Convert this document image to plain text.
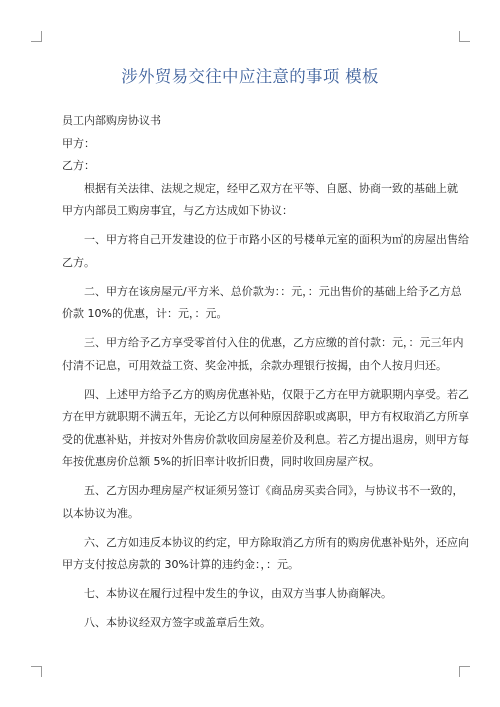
涉外贸易交往中应注意的事项 模板

员工内部购房协议书

甲方：

乙方：

根据有关法律、法规之规定，经甲乙双方在平等、自愿、协商一致的基础上就

甲方内部员工购房事宜，与乙方达成如下协议：

一、甲方将自己开发建设的位于市路小区的号楼单元室的面积为㎡的房屋出售给

乙方。

二、甲方在该房屋元/平方米、总价款为：：元，：元出售价的基础上给予乙方总

价款 10%的优惠，计：元，：元。

三、甲方给予乙方享受零首付入住的优惠，乙方应缴的首付款：元，：元三年内

付清不记息，可用效益工资、奖金冲抵，余款办理银行按揭，由个人按月归还。

四、上述甲方给予乙方的购房优惠补贴，仅限于乙方在甲方就职期内享受。若乙

方在甲方就职期不满五年，无论乙方以何种原因辞职或离职，甲方有权取消乙方所享

受的优惠补贴，并按对外售房价款收回房屋差价及利息。若乙方提出退房，则甲方每

年按优惠房价总额 5%的折旧率计收折旧费，同时收回房屋产权。

五、乙方因办理房屋产权证须另签订《商品房买卖合同》，与协议书不一致的，

以本协议为准。

六、乙方如违反本协议的约定，甲方除取消乙方所有的购房优惠补贴外，还应向

甲方支付按总房款的 30%计算的违约金：，：元。

七、本协议在履行过程中发生的争议，由双方当事人协商解决。

八、本协议经双方签字或盖章后生效。
